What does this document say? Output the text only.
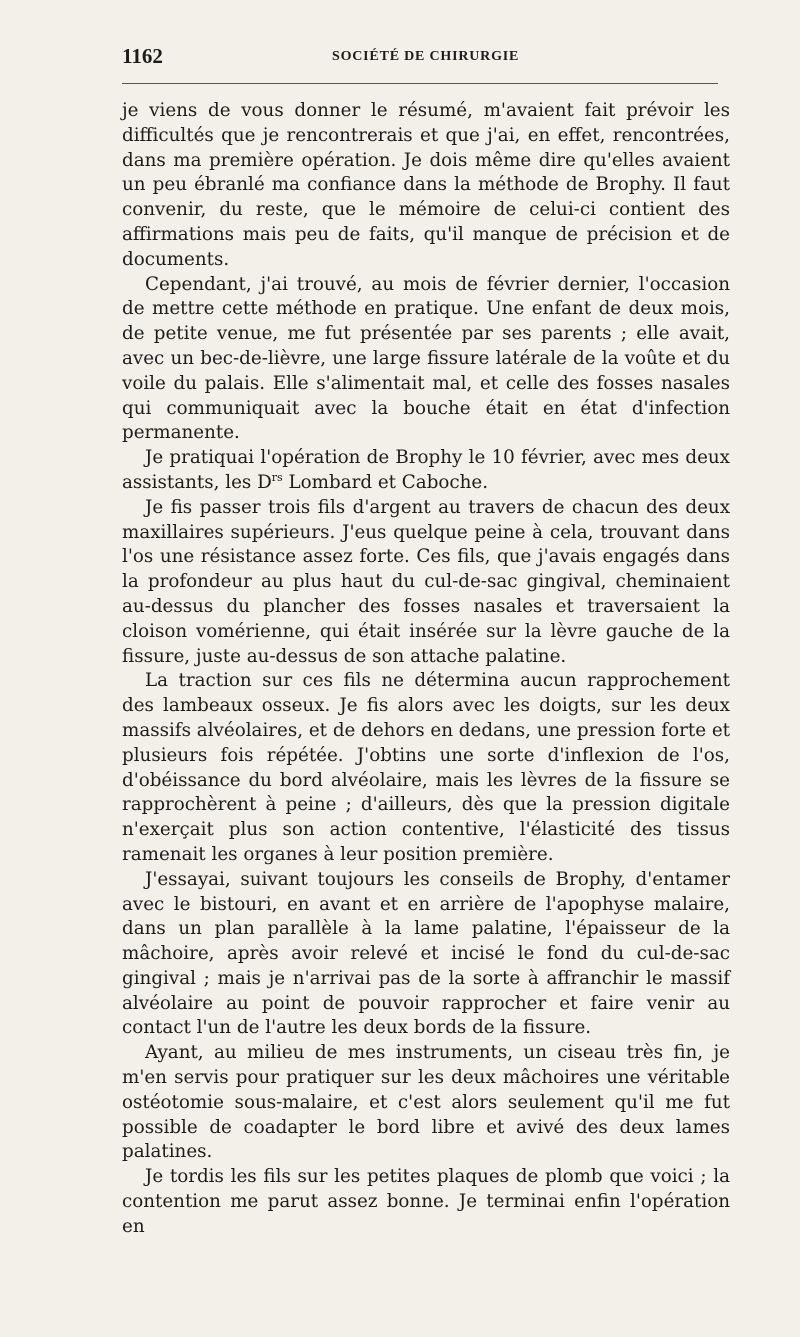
1162	SOCIÉTÉ DE CHIRURGIE

je viens de vous donner le résumé, m'avaient fait prévoir les difficultés que je rencontrerais et que j'ai, en effet, rencontrées, dans ma première opération. Je dois même dire qu'elles avaient un peu ébranlé ma confiance dans la méthode de Brophy. Il faut convenir, du reste, que le mémoire de celui-ci contient des affirmations mais peu de faits, qu'il manque de précision et de documents.

Cependant, j'ai trouvé, au mois de février dernier, l'occasion de mettre cette méthode en pratique. Une enfant de deux mois, de petite venue, me fut présentée par ses parents ; elle avait, avec un bec-de-lièvre, une large fissure latérale de la voûte et du voile du palais. Elle s'alimentait mal, et celle des fosses nasales qui communiquait avec la bouche était en état d'infection permanente.

Je pratiquai l'opération de Brophy le 10 février, avec mes deux assistants, les $D^{rs}$ Lombard et Caboche.

Je fis passer trois fils d'argent au travers de chacun des deux maxillaires supérieurs. J'eus quelque peine à cela, trouvant dans l'os une résistance assez forte. Ces fils, que j'avais engagés dans la profondeur au plus haut du cul-de-sac gingival, cheminaient au-dessus du plancher des fosses nasales et traversaient la cloison vomérienne, qui était insérée sur la lèvre gauche de la fissure, juste au-dessus de son attache palatine.

La traction sur ces fils ne détermina aucun rapprochement des lambeaux osseux. Je fis alors avec les doigts, sur les deux massifs alvéolaires, et de dehors en dedans, une pression forte et plusieurs fois répétée. J'obtins une sorte d'inflexion de l'os, d'obéissance du bord alvéolaire, mais les lèvres de la fissure se rapprochèrent à peine ; d'ailleurs, dès que la pression digitale n'exerçait plus son action contentive, l'élasticité des tissus ramenait les organes à leur position première.

J'essayai, suivant toujours les conseils de Brophy, d'entamer avec le bistouri, en avant et en arrière de l'apophyse malaire, dans un plan parallèle à la lame palatine, l'épaisseur de la mâchoire, après avoir relevé et incisé le fond du cul-de-sac gingival ; mais je n'arrivai pas de la sorte à affranchir le massif alvéolaire au point de pouvoir rapprocher et faire venir au contact l'un de l'autre les deux bords de la fissure.

Ayant, au milieu de mes instruments, un ciseau très fin, je m'en servis pour pratiquer sur les deux mâchoires une véritable ostéotomie sous-malaire, et c'est alors seulement qu'il me fut possible de coadapter le bord libre et avivé des deux lames palatines.

Je tordis les fils sur les petites plaques de plomb que voici ; la contention me parut assez bonne. Je terminai enfin l'opération en
